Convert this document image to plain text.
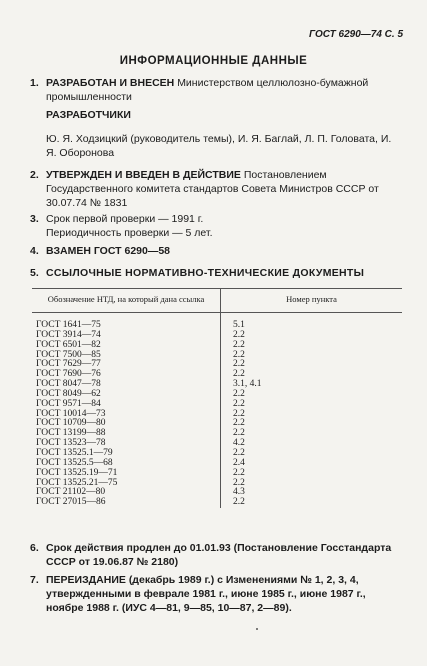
ГОСТ 6290—74 С. 5
ИНФОРМАЦИОННЫЕ ДАННЫЕ
1. РАЗРАБОТАН И ВНЕСЕН Министерством целлюлозно-бумажной промышленности
РАЗРАБОТЧИКИ
Ю. Я. Ходзицкий (руководитель темы), И. Я. Баглай, Л. П. Головата, И. Я. Оборонова
2. УТВЕРЖДЕН И ВВЕДЕН В ДЕЙСТВИЕ Постановлением Государственного комитета стандартов Совета Министров СССР от 30.07.74 № 1831
3. Срок первой проверки — 1991 г.
Периодичность проверки — 5 лет.
4. ВЗАМЕН ГОСТ 6290—58
5. ССЫЛОЧНЫЕ НОРМАТИВНО-ТЕХНИЧЕСКИЕ ДОКУМЕНТЫ
Обозначение НТД, на который дана ссылка	Номер пункта
ГОСТ 1641—75	5.1
ГОСТ 3914—74	2.2
ГОСТ 6501—82	2.2
ГОСТ 7500—85	2.2
ГОСТ 7629—77	2.2
ГОСТ 7690—76	2.2
ГОСТ 8047—78	3.1, 4.1
ГОСТ 8049—62	2.2
ГОСТ 9571—84	2.2
ГОСТ 10014—73	2.2
ГОСТ 10709—80	2.2
ГОСТ 13199—88	2.2
ГОСТ 13523—78	4.2
ГОСТ 13525.1—79	2.2
ГОСТ 13525.5—68	2.4
ГОСТ 13525.19—71	2.2
ГОСТ 13525.21—75	2.2
ГОСТ 21102—80	4.3
ГОСТ 27015—86	2.2
6. Срок действия продлен до 01.01.93 (Постановление Госстандарта СССР от 19.06.87 № 2180)
7. ПЕРЕИЗДАНИЕ (декабрь 1989 г.) с Изменениями № 1, 2, 3, 4, утвержденными в феврале 1981 г., июне 1985 г., июне 1987 г., ноябре 1988 г. (ИУС 4—81, 9—85, 10—87, 2—89).
